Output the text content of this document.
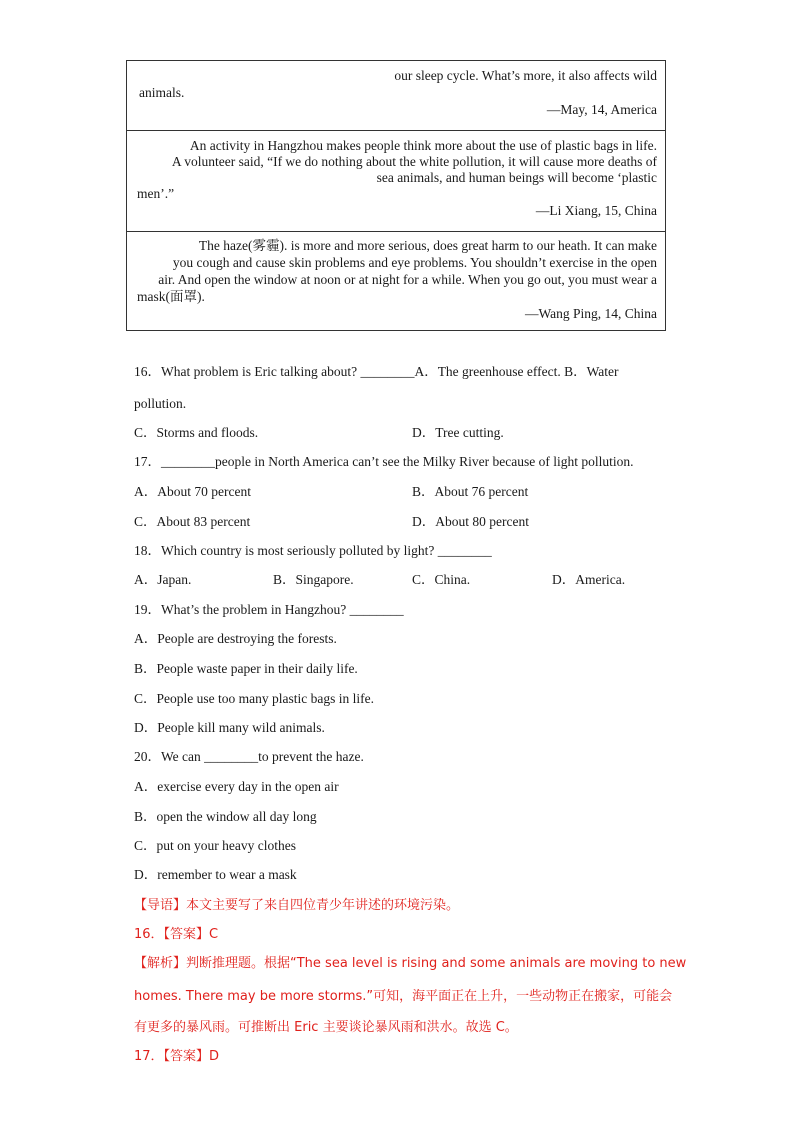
our sleep cycle. What’s more, it also affects wild
animals.
—May, 14, America
An activity in Hangzhou makes people think more about the use of plastic bags in life.
A volunteer said, “If we do nothing about the white pollution, it will cause more deaths of
sea animals, and human beings will become ‘plastic
men’.”
—Li Xiang, 15, China
The haze(雾霾). is more and more serious, does great harm to our heath. It can make
you cough and cause skin problems and eye problems. You shouldn’t exercise in the open
air. And open the window at noon or at night for a while. When you go out, you must wear a
mask(面罩).
—Wang Ping, 14, China
16．What problem is Eric talking about? ________A．The greenhouse effect. B．Water
pollution.
C．Storms and floods.	D．Tree cutting.
17．________people in North America can’t see the Milky River because of light pollution.
A．About 70 percent	B．About 76 percent
C．About 83 percent	D．About 80 percent
18．Which country is most seriously polluted by light? ________
A．Japan.	B．Singapore.	C．China.	D．America.
19．What’s the problem in Hangzhou? ________
A．People are destroying the forests.
B．People waste paper in their daily life.
C．People use too many plastic bags in life.
D．People kill many wild animals.
20．We can ________to prevent the haze.
A．exercise every day in the open air
B．open the window all day long
C．put on your heavy clothes
D．remember to wear a mask
【导语】本文主要写了来自四位青少年讲述的环境污染。
16．【答案】C
【解析】判断推理题。根据“The sea level is rising and some animals are moving to new
homes. There may be more storms.”可知，海平面正在上升，一些动物正在搬家，可能会
有更多的暴风雨。可推断出 Eric 主要谈论暴风雨和洪水。故选 C。
17．【答案】D
